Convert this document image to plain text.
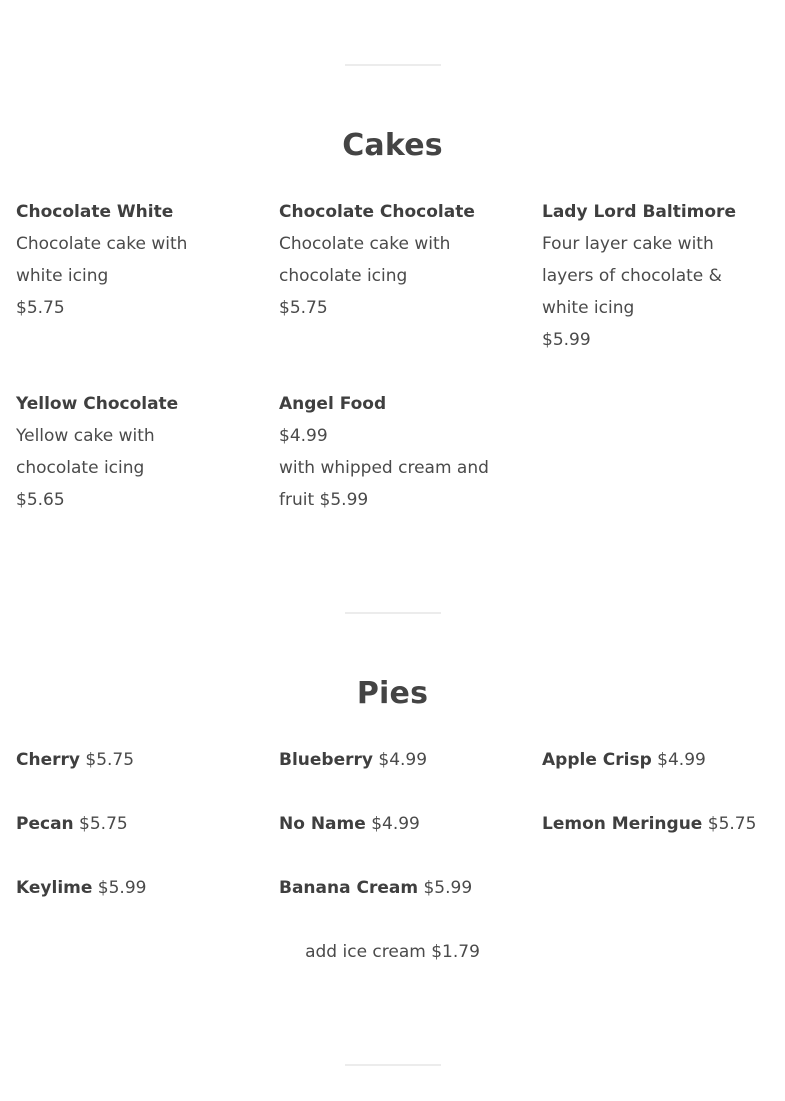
Cakes
Chocolate White
Chocolate cake with
white icing
$5.75
Chocolate Chocolate
Chocolate cake with
chocolate icing
$5.75
Lady Lord Baltimore
Four layer cake with
layers of chocolate &
white icing
$5.99
Yellow Chocolate
Yellow cake with
chocolate icing
$5.65
Angel Food
$4.99
with whipped cream and
fruit $5.99
Pies
Cherry $5.75	Blueberry $4.99	Apple Crisp $4.99
Pecan $5.75	No Name $4.99	Lemon Meringue $5.75
Keylime $5.99	Banana Cream $5.99
add ice cream $1.79
